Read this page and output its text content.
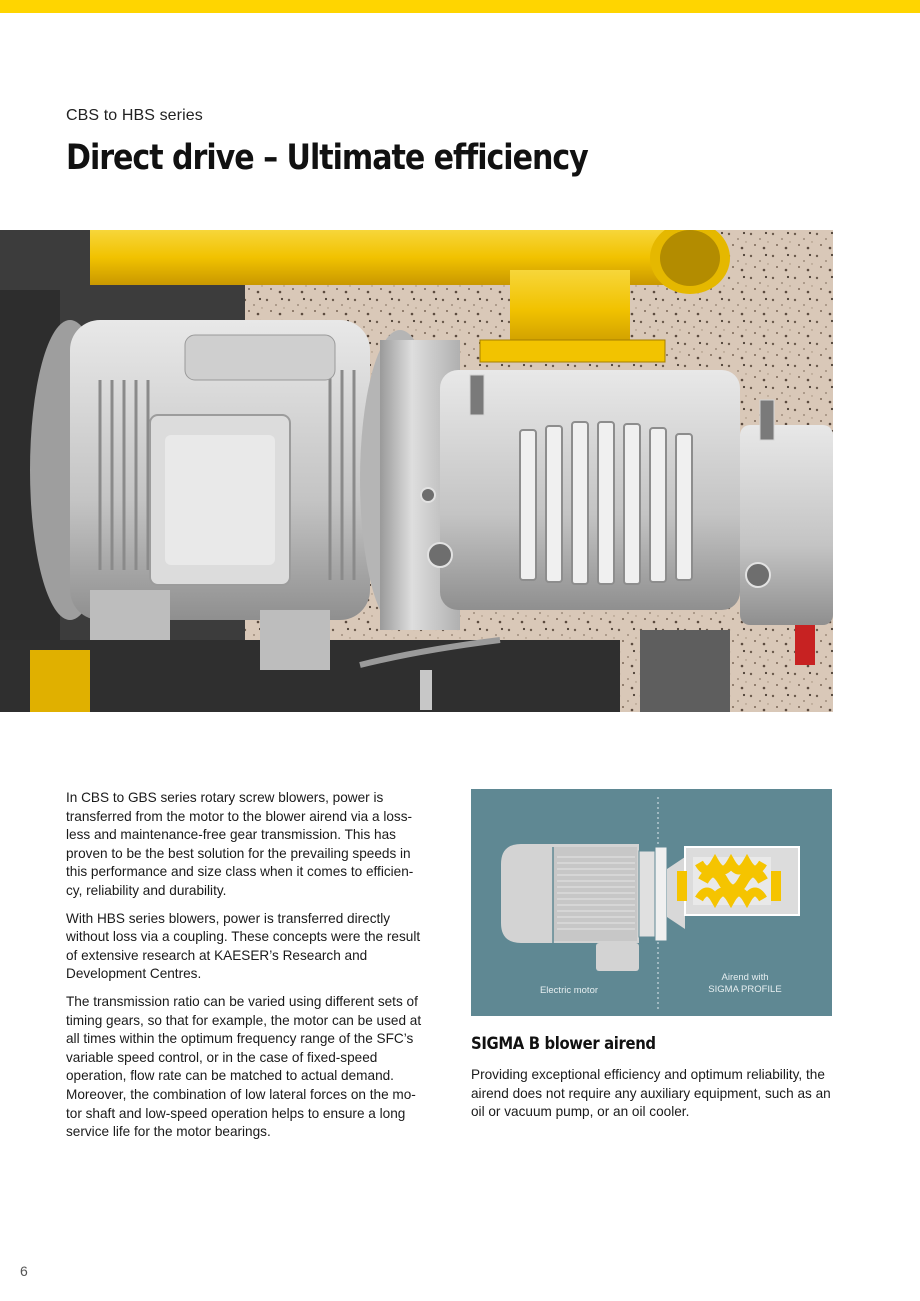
CBS to HBS series
Direct drive – Ultimate efficiency

In CBS to GBS series rotary screw blowers, power is transferred from the motor to the blower airend via a loss-less and maintenance-free gear transmission. This has proven to be the best solution for the prevailing speeds in this performance and size class when it comes to efficien-cy, reliability and durability.

With HBS series blowers, power is transferred directly without loss via a coupling. These concepts were the result of extensive research at KAESER’s Research and Development Centres.

The transmission ratio can be varied using different sets of timing gears, so that for example, the motor can be used at all times within the optimum frequency range of the SFC’s variable speed control, or in the case of fixed-speed operation, flow rate can be matched to actual demand. Moreover, the combination of low lateral forces on the mo-tor shaft and low-speed operation helps to ensure a long service life for the motor bearings.

Electric motor
Airend with
SIGMA PROFILE
SIGMA B blower airend

Providing exceptional efficiency and optimum reliability, the airend does not require any auxiliary equipment, such as an oil or vacuum pump, or an oil cooler.

6
